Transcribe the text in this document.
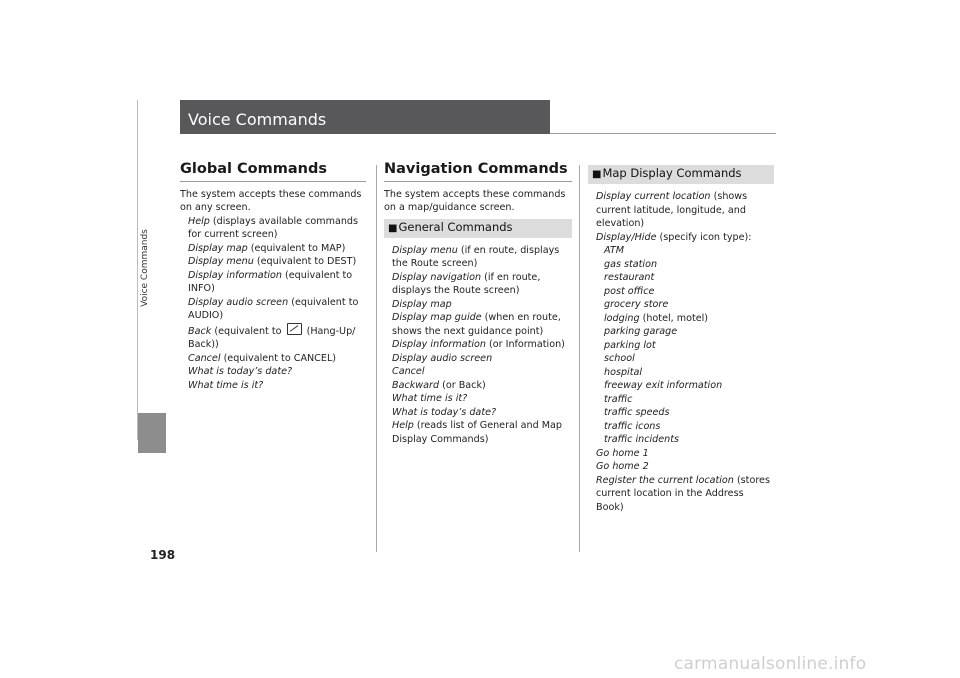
Voice Commands
198
Voice Commands
Global Commands

The system accepts these commands on any screen.

Help (displays available commands for current screen)
Display map (equivalent to MAP)
Display menu (equivalent to DEST)
Display information (equivalent to INFO)
Display audio screen (equivalent to AUDIO)
Back (equivalent to  (Hang-Up/ Back))
Cancel (equivalent to CANCEL)
What is today’s date?
What time is it?
Navigation Commands

The system accepts these commands on a map/guidance screen.

■General Commands
Display menu (if en route, displays the Route screen)
Display navigation (if en route, displays the Route screen)
Display map
Display map guide (when en route, shows the next guidance point)
Display information (or Information)
Display audio screen
Cancel
Backward (or Back)
What time is it?
What is today’s date?
Help (reads list of General and Map Display Commands)
■Map Display Commands
Display current location (shows current latitude, longitude, and elevation)
Display/Hide (specify icon type):
ATM
gas station
restaurant
post office
grocery store
lodging (hotel, motel)
parking garage
parking lot
school
hospital
freeway exit information
traffic
traffic speeds
traffic icons
traffic incidents
Go home 1
Go home 2
Register the current location (stores current location in the Address Book)
carmanualsonline.info
